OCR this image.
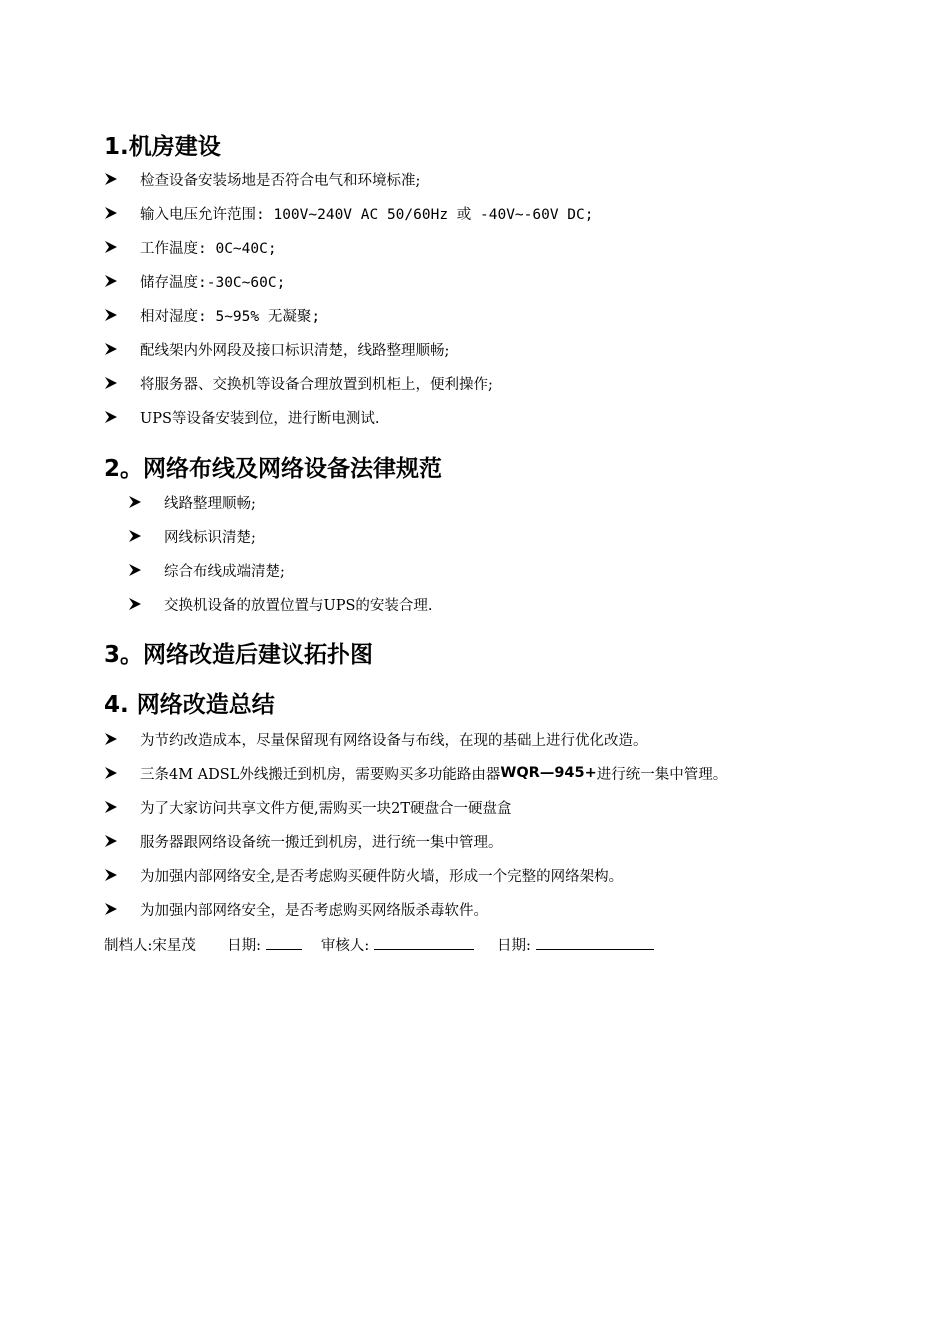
1.机房建设
检查设备安装场地是否符合电气和环境标准;
输入电压允许范围: 100V~240V AC 50/60Hz 或 -40V~-60V DC;
工作温度: 0C~40C;
储存温度:-30C~60C;
相对湿度: 5~95% 无凝聚;
配线架内外网段及接口标识清楚，线路整理顺畅;
将服务器、交换机等设备合理放置到机柜上，便利操作;
UPS等设备安装到位，进行断电测试.
2。网络布线及网络设备法律规范
线路整理顺畅;
网线标识清楚;
综合布线成端清楚;
交换机设备的放置位置与UPS的安装合理.
3。网络改造后建议拓扑图
4. 网络改造总结
为节约改造成本，尽量保留现有网络设备与布线，在现的基础上进行优化改造。
三条4M ADSL外线搬迁到机房，需要购买多功能路由器 WQR—945+ 进行统一集中管理。
为了大家访问共享文件方便,需购买一块2T硬盘合一硬盘盒
服务器跟网络设备统一搬迁到机房，进行统一集中管理。
为加强内部网络安全,是否考虑购买硬件防火墙，形成一个完整的网络架构。
为加强内部网络安全，是否考虑购买网络版杀毒软件。
制档人:宋星茂 日期:	审核人:	日期:
